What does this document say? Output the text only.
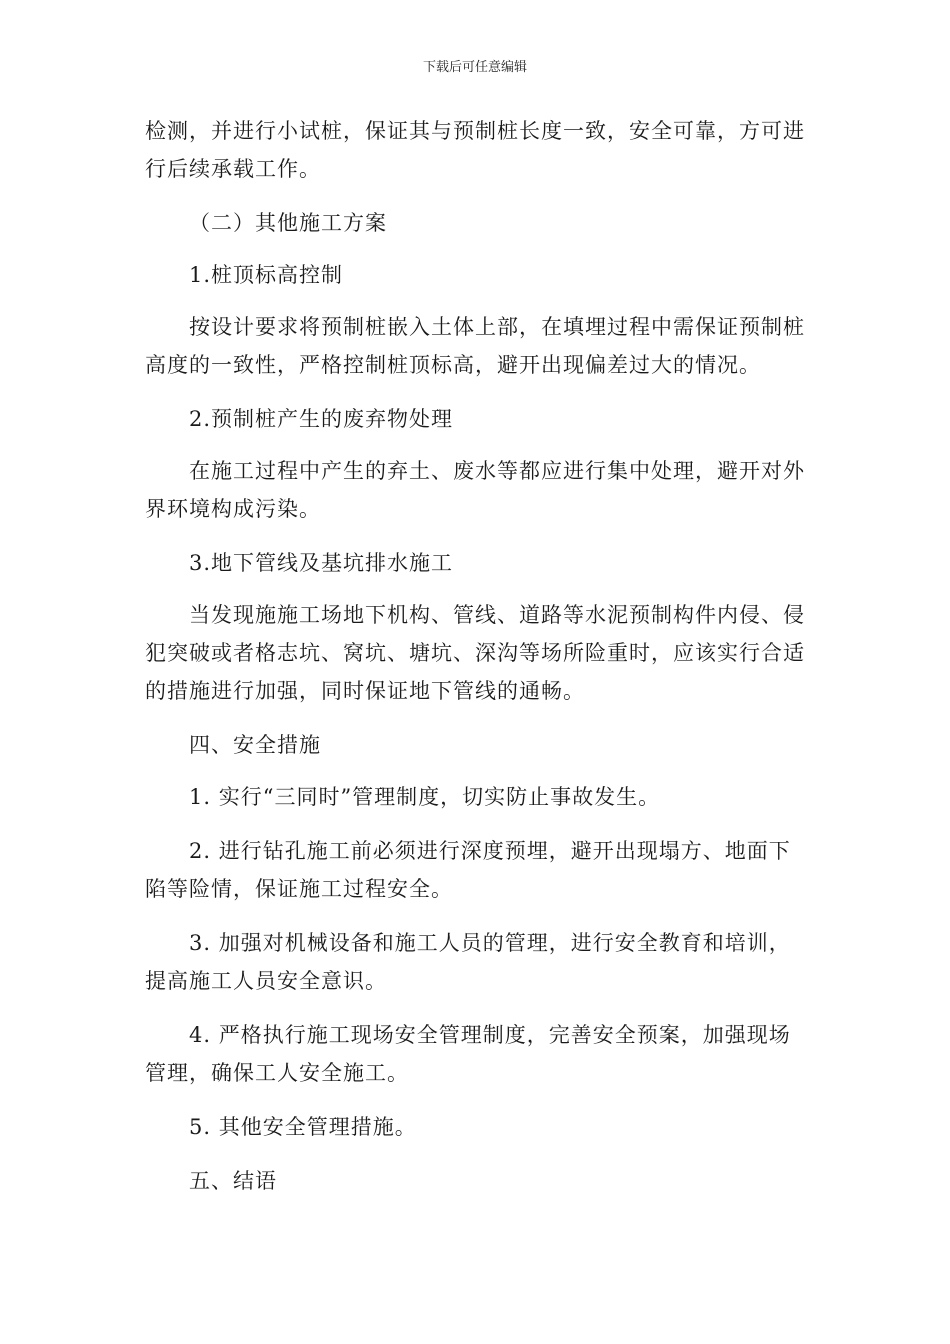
下载后可任意编辑

检测，并进行小试桩，保证其与预制桩长度一致，安全可靠，方可进行后续承载工作。

（二）其他施工方案

1.桩顶标高控制

按设计要求将预制桩嵌入土体上部，在填埋过程中需保证预制桩高度的一致性，严格控制桩顶标高，避开出现偏差过大的情况。

2.预制桩产生的废弃物处理

在施工过程中产生的弃土、废水等都应进行集中处理，避开对外界环境构成污染。

3.地下管线及基坑排水施工

当发现施施工场地下机构、管线、道路等水泥预制构件内侵、侵犯突破或者格志坑、窝坑、塘坑、深沟等场所险重时，应该实行合适的措施进行加强，同时保证地下管线的通畅。

四、安全措施

1. 实行“三同时”管理制度，切实防止事故发生。

2. 进行钻孔施工前必须进行深度预埋，避开出现塌方、地面下陷等险情，保证施工过程安全。

3. 加强对机械设备和施工人员的管理，进行安全教育和培训，提高施工人员安全意识。

4. 严格执行施工现场安全管理制度，完善安全预案，加强现场管理，确保工人安全施工。

5. 其他安全管理措施。

五、结语
